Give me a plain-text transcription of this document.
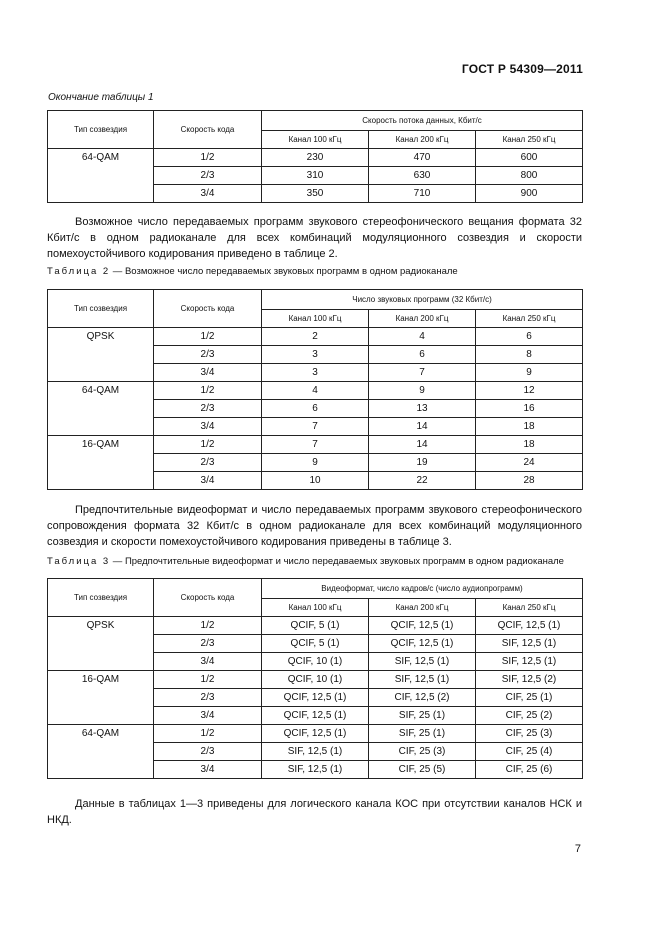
ГОСТ Р 54309—2011
Окончание таблицы 1
Тип созвездия	Скорость кода	Скорость потока данных, Кбит/с		
		Канал 100 кГц	Канал 200 кГц	Канал 250 кГц
64-QAM	1/2	230	470	600
	2/3	310	630	800
	3/4	350	710	900
Возможное число передаваемых программ звукового стереофонического вещания формата 32 Кбит/с в одном радиоканале для всех комбинаций модуляционного созвездия и скорости помехоустойчивого кодирования приведено в таблице 2.
Таблица 2 — Возможное число передаваемых звуковых программ в одном радиоканале
Тип созвездия	Скорость кода	Число звуковых программ (32 Кбит/с)		
		Канал 100 кГц	Канал 200 кГц	Канал 250 кГц
QPSK	1/2	2	4	6
	2/3	3	6	8
	3/4	3	7	9
64-QAM	1/2	4	9	12
	2/3	6	13	16
	3/4	7	14	18
16-QAM	1/2	7	14	18
	2/3	9	19	24
	3/4	10	22	28
Предпочтительные видеоформат и число передаваемых программ звукового стереофонического сопровождения формата 32 Кбит/с в одном радиоканале для всех комбинаций модуляционного созвездия и скорости помехоустойчивого кодирования приведены в таблице 3.
Таблица 3 — Предпочтительные видеоформат и число передаваемых звуковых программ в одном радиоканале
Тип созвездия	Скорость кода	Видеоформат, число кадров/с (число аудиопрограмм)		
		Канал 100 кГц	Канал 200 кГц	Канал 250 кГц
QPSK	1/2	QCIF, 5 (1)	QCIF, 12,5 (1)	QCIF, 12,5 (1)
	2/3	QCIF, 5 (1)	QCIF, 12,5 (1)	SIF, 12,5 (1)
	3/4	QCIF, 10 (1)	SIF, 12,5 (1)	SIF, 12,5 (1)
16-QAM	1/2	QCIF, 10 (1)	SIF, 12,5 (1)	SIF, 12,5 (2)
	2/3	QCIF, 12,5 (1)	CIF, 12,5 (2)	CIF, 25 (1)
	3/4	QCIF, 12,5 (1)	SIF, 25 (1)	CIF, 25 (2)
64-QAM	1/2	QCIF, 12,5 (1)	SIF, 25 (1)	CIF, 25 (3)
	2/3	SIF, 12,5 (1)	CIF, 25 (3)	CIF, 25 (4)
	3/4	SIF, 12,5 (1)	CIF, 25 (5)	CIF, 25 (6)
Данные в таблицах 1—3 приведены для логического канала КОС при отсутствии каналов НСК и НКД.
7
